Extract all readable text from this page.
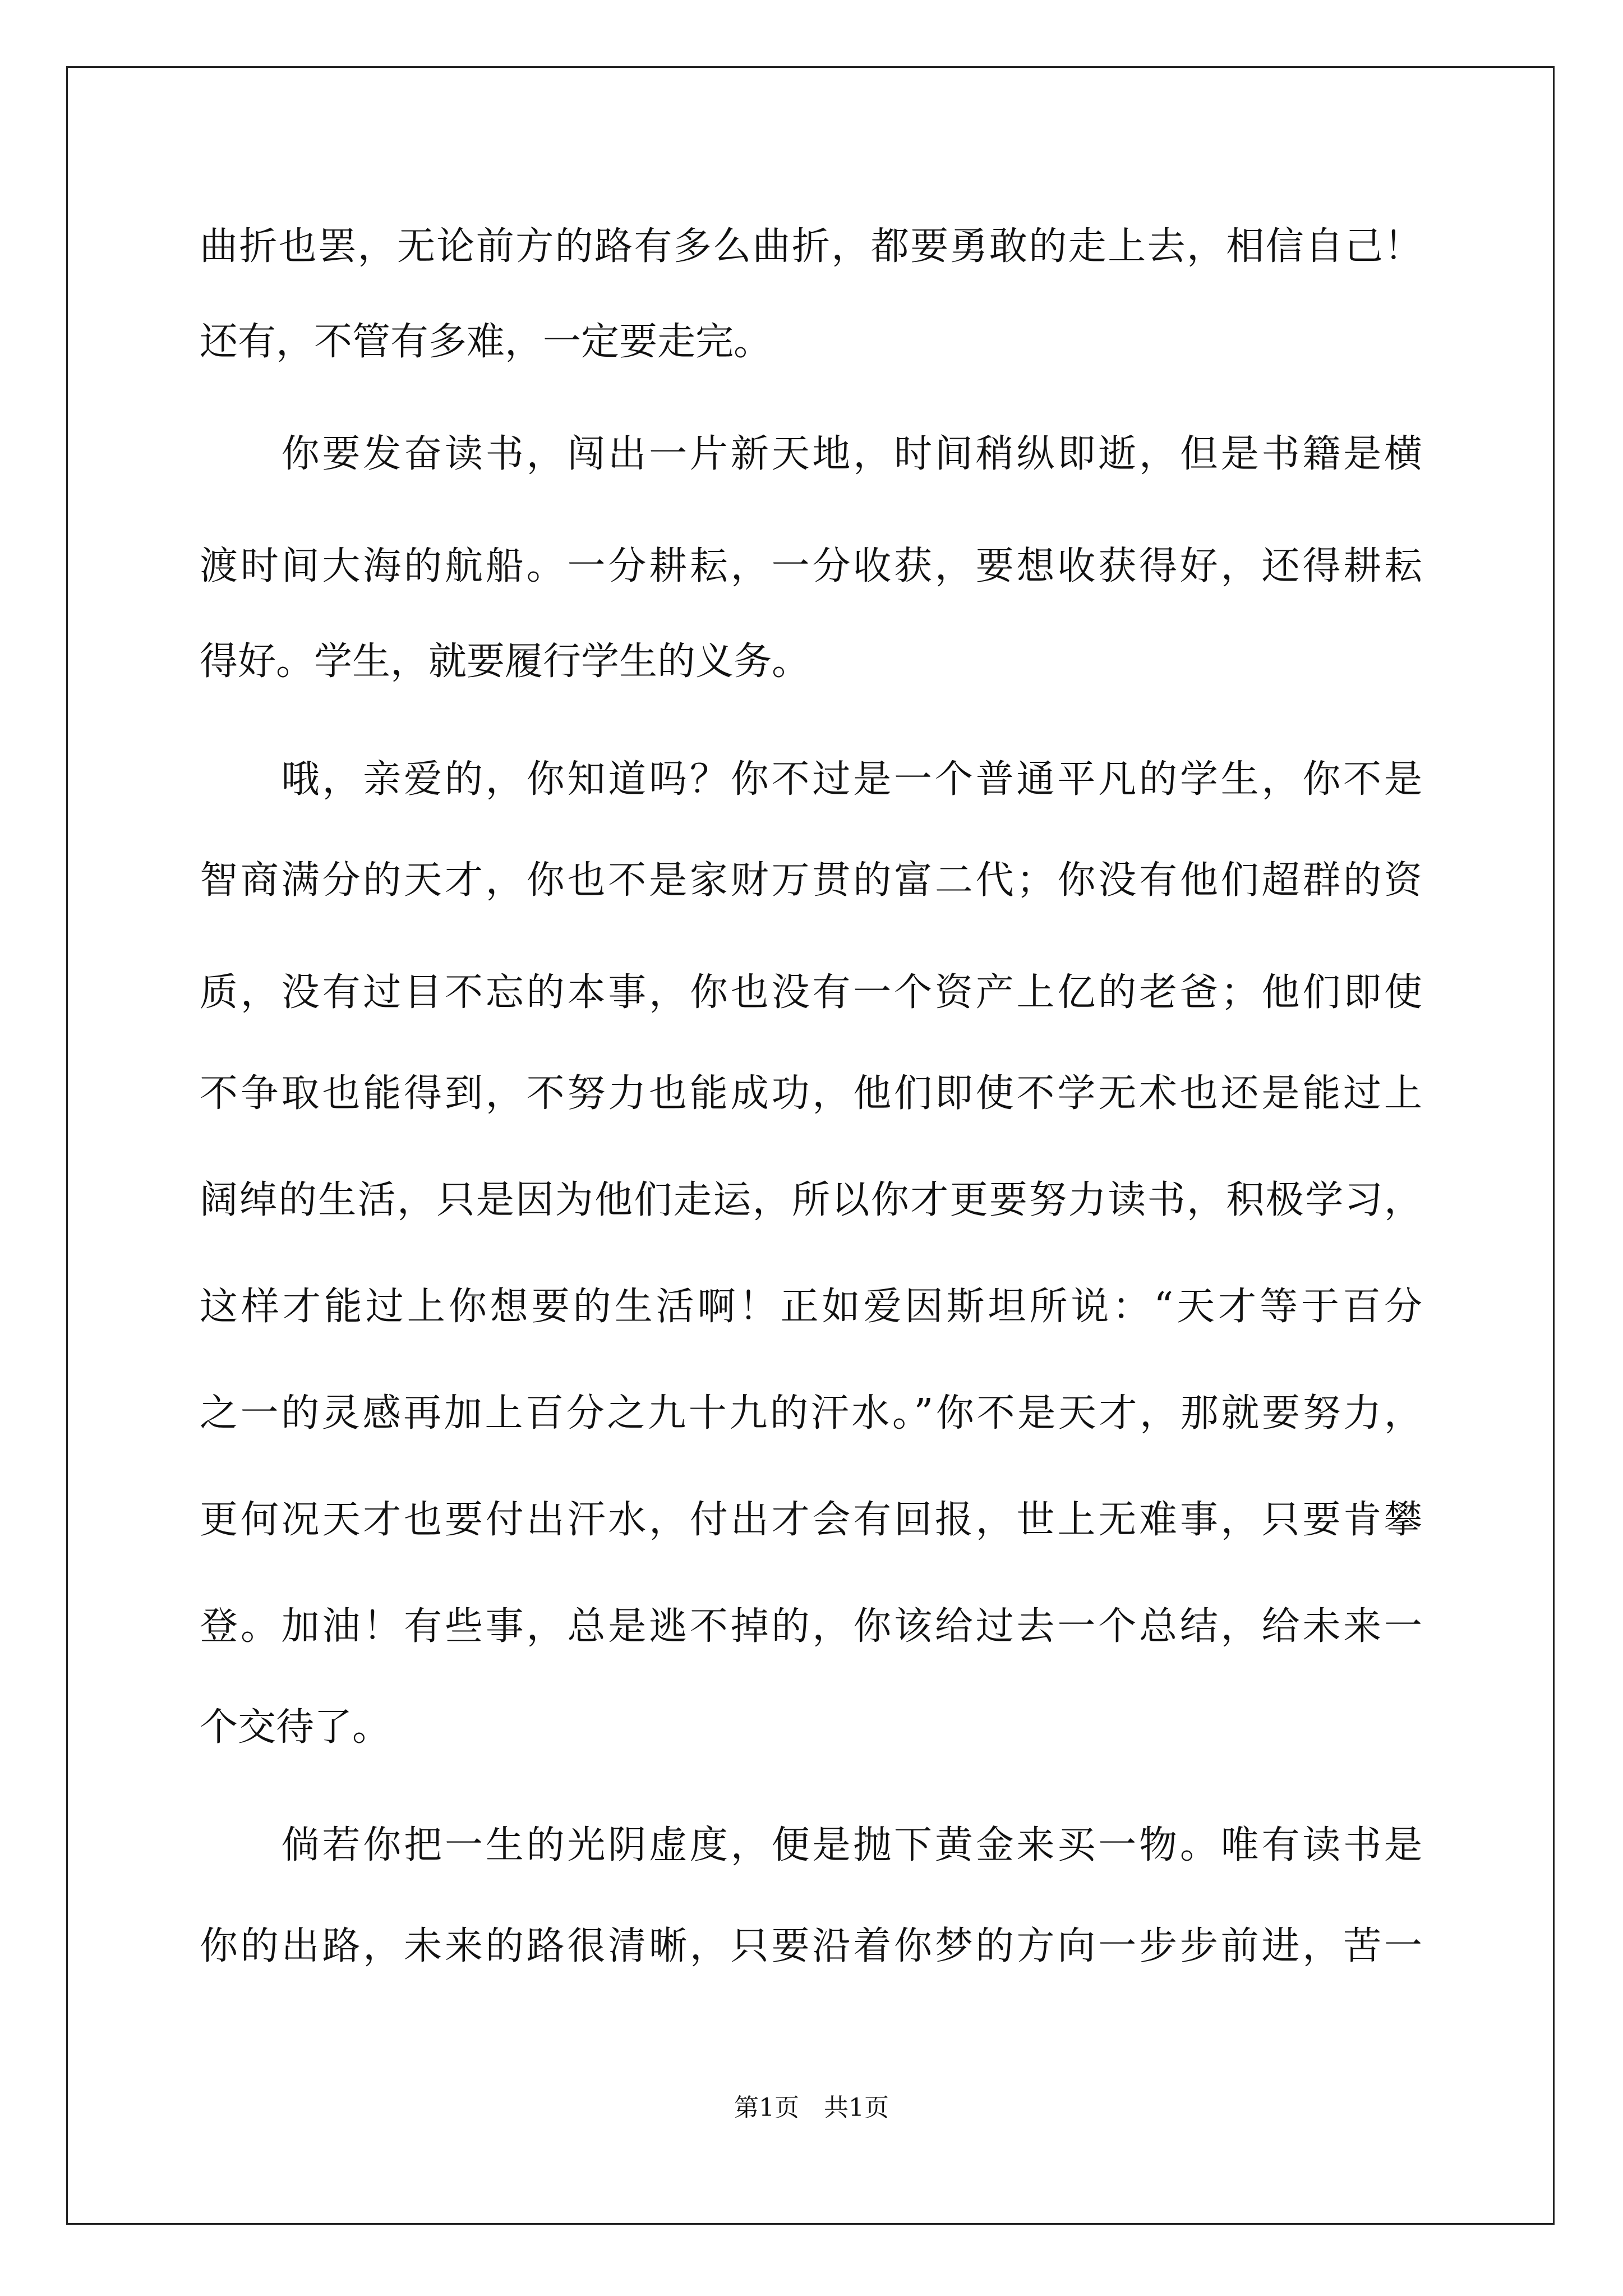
曲折也罢，无论前方的路有多么曲折，都要勇敢的走上去，相信自己！
还有，不管有多难，一定要走完。
　　你要发奋读书，闯出一片新天地，时间稍纵即逝，但是书籍是横
渡时间大海的航船。一分耕耘，一分收获，要想收获得好，还得耕耘
得好。学生，就要履行学生的义务。
　　哦，亲爱的，你知道吗？你不过是一个普通平凡的学生，你不是
智商满分的天才，你也不是家财万贯的富二代；你没有他们超群的资
质，没有过目不忘的本事，你也没有一个资产上亿的老爸；他们即使
不争取也能得到，不努力也能成功，他们即使不学无术也还是能过上
阔绰的生活，只是因为他们走运，所以你才更要努力读书，积极学习，
这样才能过上你想要的生活啊！正如爱因斯坦所说：“天才等于百分
之一的灵感再加上百分之九十九的汗水。”你不是天才，那就要努力，
更何况天才也要付出汗水，付出才会有回报，世上无难事，只要肯攀
登。加油！有些事，总是逃不掉的，你该给过去一个总结，给未来一
个交待了。
　　倘若你把一生的光阴虚度，便是抛下黄金来买一物。唯有读书是
你的出路，未来的路很清晰，只要沿着你梦的方向一步步前进，苦一
第1页　共1页
